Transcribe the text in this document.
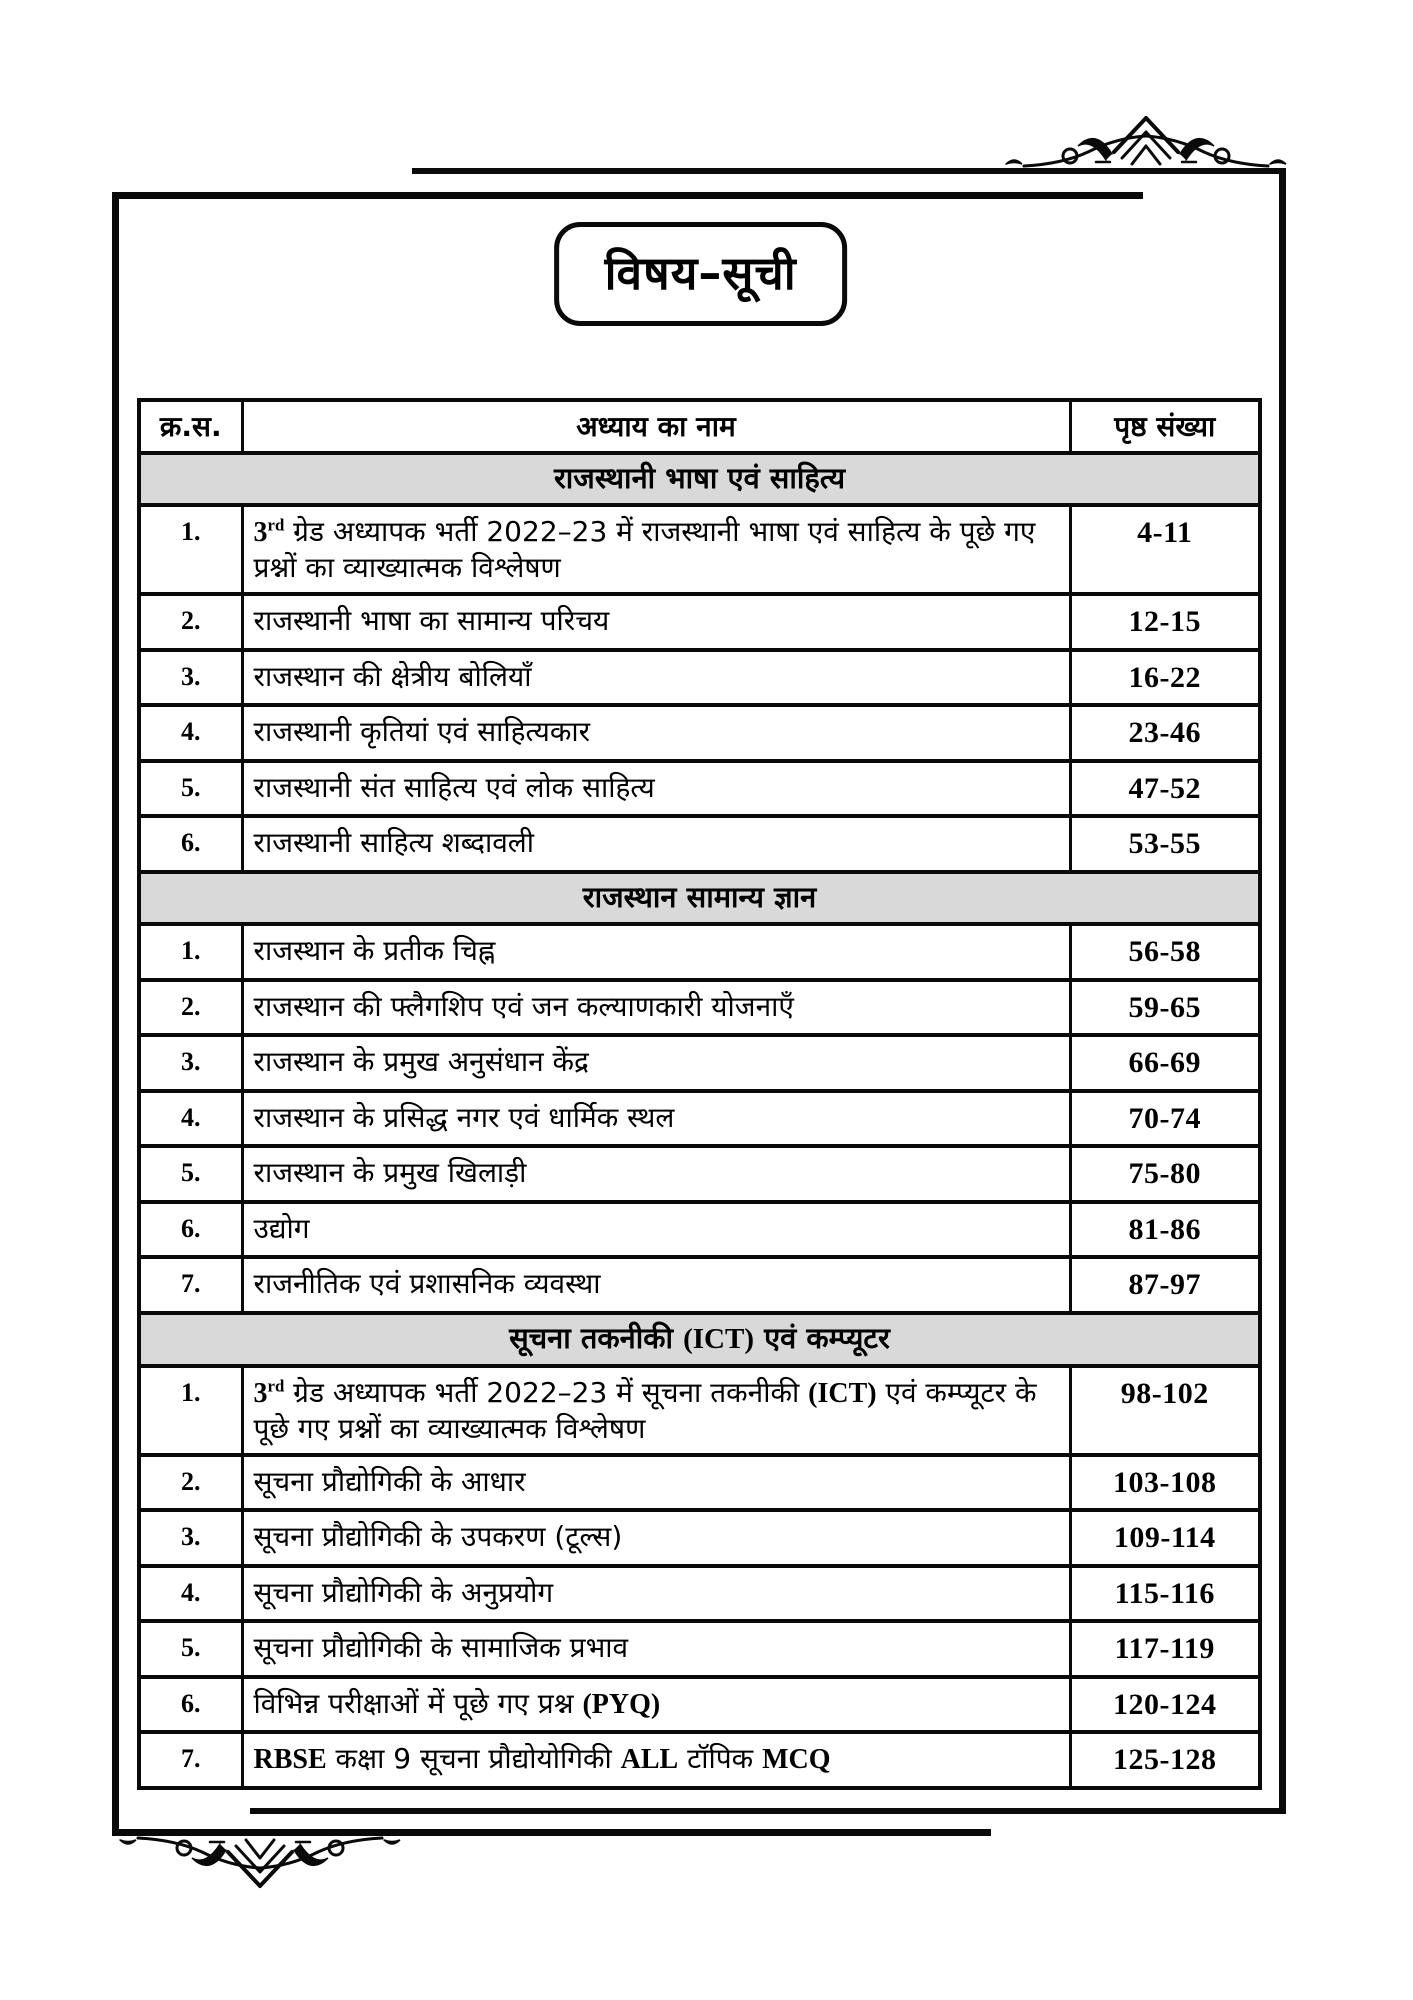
विषय–सूची
क्र.स.	अध्याय का नाम	पृष्ठ संख्या
राजस्थानी भाषा एवं साहित्य		
1.	3rd ग्रेड अध्यापक भर्ती 2022–23 में राजस्थानी भाषा एवं साहित्य के पूछे गए प्रश्नों का व्याख्यात्मक विश्लेषण	4-11
2.	राजस्थानी भाषा का सामान्य परिचय	12-15
3.	राजस्थान की क्षेत्रीय बोलियाँ	16-22
4.	राजस्थानी कृतियां एवं साहित्यकार	23-46
5.	राजस्थानी संत साहित्य एवं लोक साहित्य	47-52
6.	राजस्थानी साहित्य शब्दावली	53-55
राजस्थान सामान्य ज्ञान		
1.	राजस्थान के प्रतीक चिह्न	56-58
2.	राजस्थान की फ्लैगशिप एवं जन कल्याणकारी योजनाएँ	59-65
3.	राजस्थान के प्रमुख अनुसंधान केंद्र	66-69
4.	राजस्थान के प्रसिद्ध नगर एवं धार्मिक स्थल	70-74
5.	राजस्थान के प्रमुख खिलाड़ी	75-80
6.	उद्योग	81-86
7.	राजनीतिक एवं प्रशासनिक व्यवस्था	87-97
सूचना तकनीकी (ICT) एवं कम्प्यूटर		
1.	3rd ग्रेड अध्यापक भर्ती 2022–23 में सूचना तकनीकी (ICT) एवं कम्प्यूटर के पूछे गए प्रश्नों का व्याख्यात्मक विश्लेषण	98-102
2.	सूचना प्रौद्योगिकी के आधार	103-108
3.	सूचना प्रौद्योगिकी के उपकरण (टूल्स)	109-114
4.	सूचना प्रौद्योगिकी के अनुप्रयोग	115-116
5.	सूचना प्रौद्योगिकी के सामाजिक प्रभाव	117-119
6.	विभिन्न परीक्षाओं में पूछे गए प्रश्न (PYQ)	120-124
7.	RBSE कक्षा 9 सूचना प्रौद्योयोगिकी ALL टॉपिक MCQ	125-128
